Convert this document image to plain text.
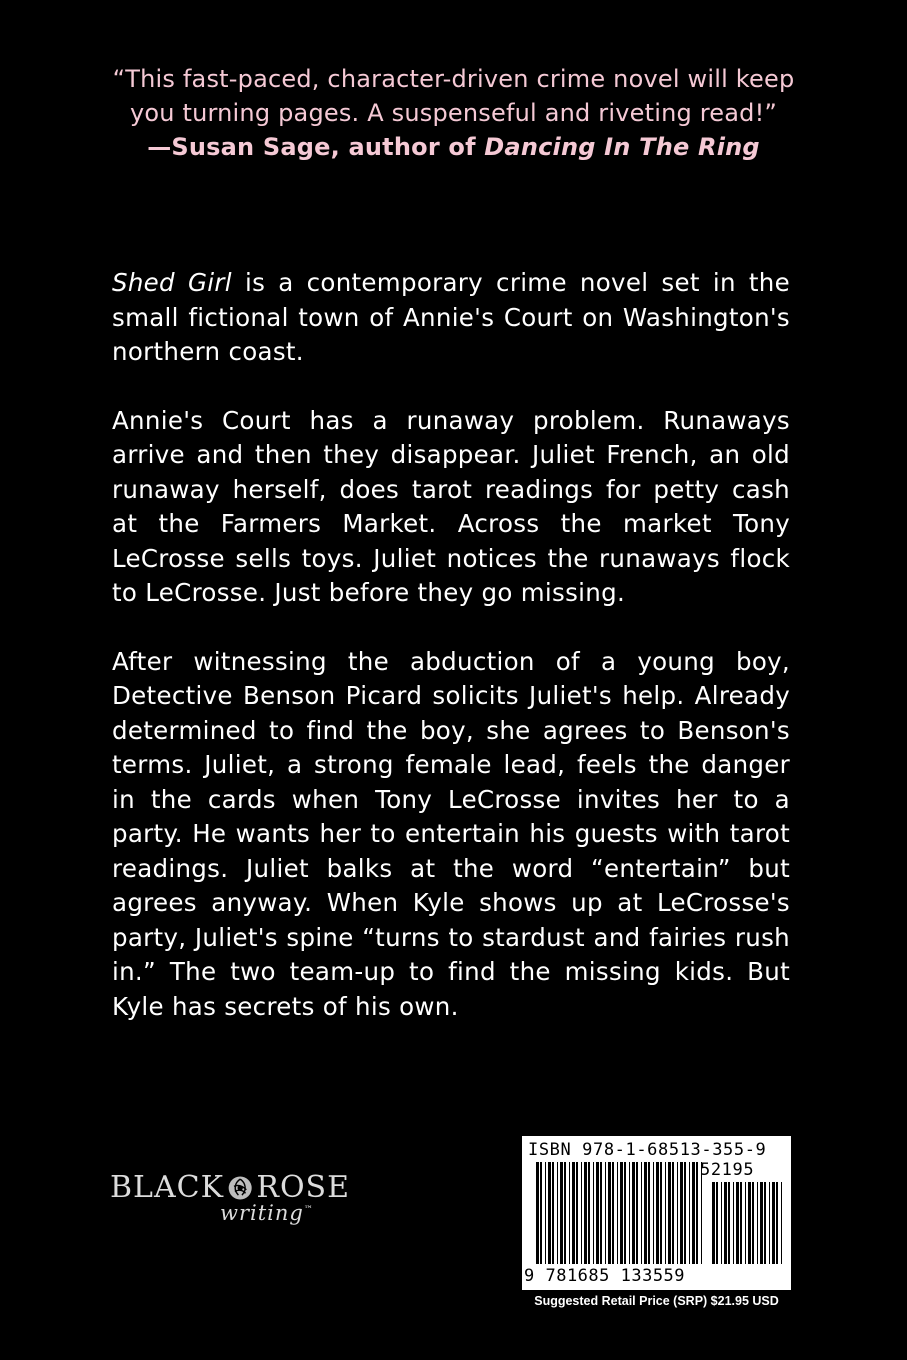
“This fast-paced, character-driven crime novel will keep
you turning pages. A suspenseful and riveting read!”
—Susan Sage, author of Dancing In The Ring

Shed Girl is a contemporary crime novel set in the small fictional town of Annie's Court on Washington's northern coast.

Annie's Court has a runaway problem. Runaways arrive and then they disappear. Juliet French, an old runaway herself, does tarot readings for petty cash at the Farmers Market. Across the market Tony LeCrosse sells toys. Juliet notices the runaways flock to LeCrosse. Just before they go missing.

After witnessing the abduction of a young boy, Detective Benson Picard solicits Juliet's help. Already determined to find the boy, she agrees to Benson's terms. Juliet, a strong female lead, feels the danger in the cards when Tony LeCrosse invites her to a party. He wants her to entertain his guests with tarot readings. Juliet balks at the word “entertain” but agrees anyway. When Kyle shows up at LeCrosse's party, Juliet's spine “turns to stardust and fairies rush in.” The two team-up to find the missing kids. But Kyle has secrets of his own.

BLACK ROSE
writing™
ISBN 978-1-68513-355-9
52195
9 781685 133559
Suggested Retail Price (SRP) $21.95 USD
